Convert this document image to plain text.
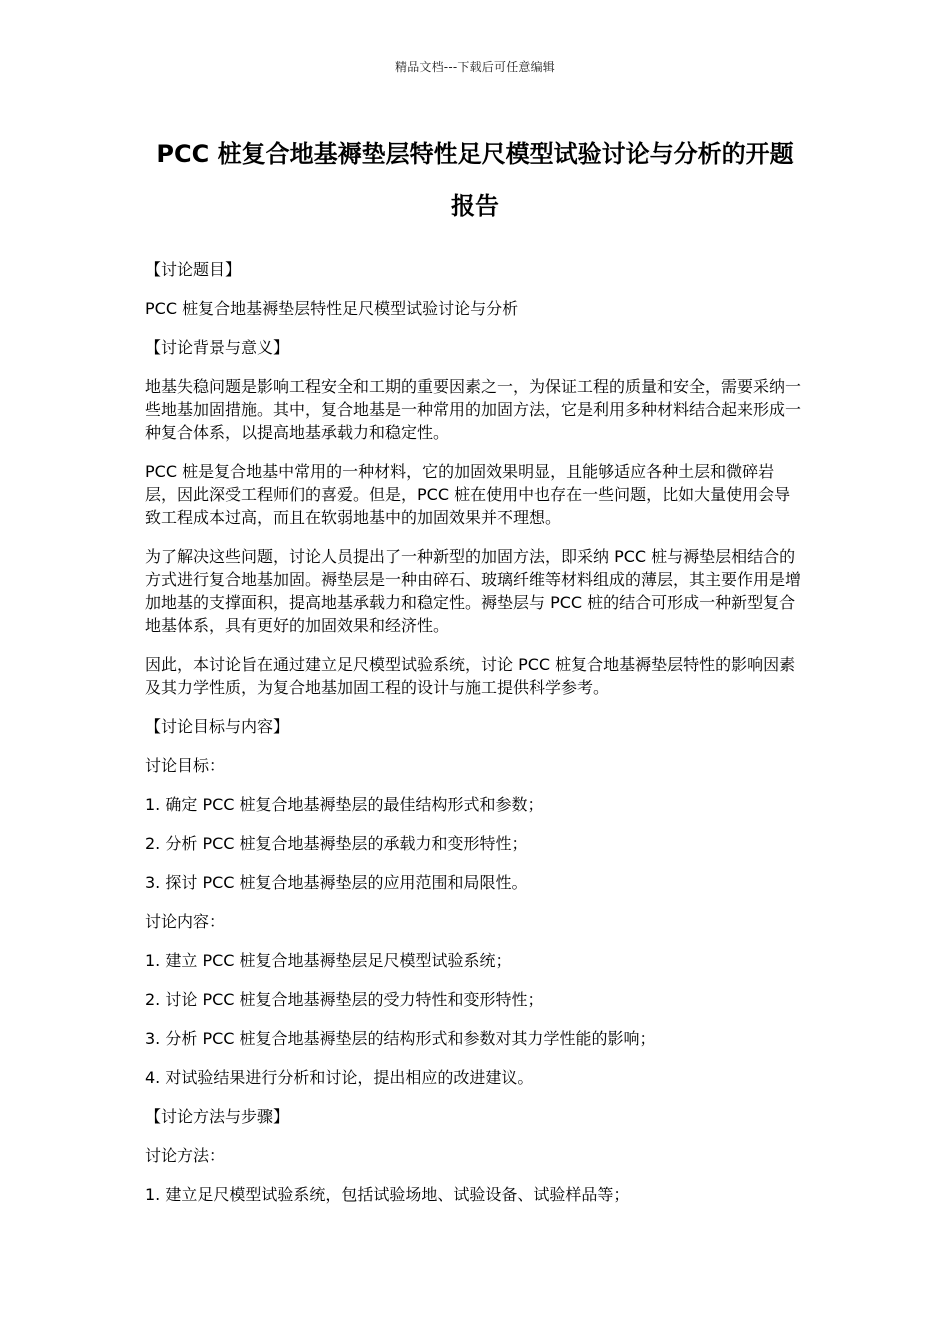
精品文档---下载后可任意编辑
PCC 桩复合地基褥垫层特性足尺模型试验讨论与分析的开题报告

【讨论题目】

PCC 桩复合地基褥垫层特性足尺模型试验讨论与分析

【讨论背景与意义】

地基失稳问题是影响工程安全和工期的重要因素之一，为保证工程的质量和安全，需要采纳一些地基加固措施。其中，复合地基是一种常用的加固方法，它是利用多种材料结合起来形成一种复合体系，以提高地基承载力和稳定性。

PCC 桩是复合地基中常用的一种材料，它的加固效果明显，且能够适应各种土层和微碎岩层，因此深受工程师们的喜爱。但是，PCC 桩在使用中也存在一些问题，比如大量使用会导致工程成本过高，而且在软弱地基中的加固效果并不理想。

为了解决这些问题，讨论人员提出了一种新型的加固方法，即采纳 PCC 桩与褥垫层相结合的方式进行复合地基加固。褥垫层是一种由碎石、玻璃纤维等材料组成的薄层，其主要作用是增加地基的支撑面积，提高地基承载力和稳定性。褥垫层与 PCC 桩的结合可形成一种新型复合地基体系，具有更好的加固效果和经济性。

因此，本讨论旨在通过建立足尺模型试验系统，讨论 PCC 桩复合地基褥垫层特性的影响因素及其力学性质，为复合地基加固工程的设计与施工提供科学参考。

【讨论目标与内容】

讨论目标：

1. 确定 PCC 桩复合地基褥垫层的最佳结构形式和参数；

2. 分析 PCC 桩复合地基褥垫层的承载力和变形特性；

3. 探讨 PCC 桩复合地基褥垫层的应用范围和局限性。

讨论内容：

1. 建立 PCC 桩复合地基褥垫层足尺模型试验系统；

2. 讨论 PCC 桩复合地基褥垫层的受力特性和变形特性；

3. 分析 PCC 桩复合地基褥垫层的结构形式和参数对其力学性能的影响；

4. 对试验结果进行分析和讨论，提出相应的改进建议。

【讨论方法与步骤】

讨论方法：

1. 建立足尺模型试验系统，包括试验场地、试验设备、试验样品等；
